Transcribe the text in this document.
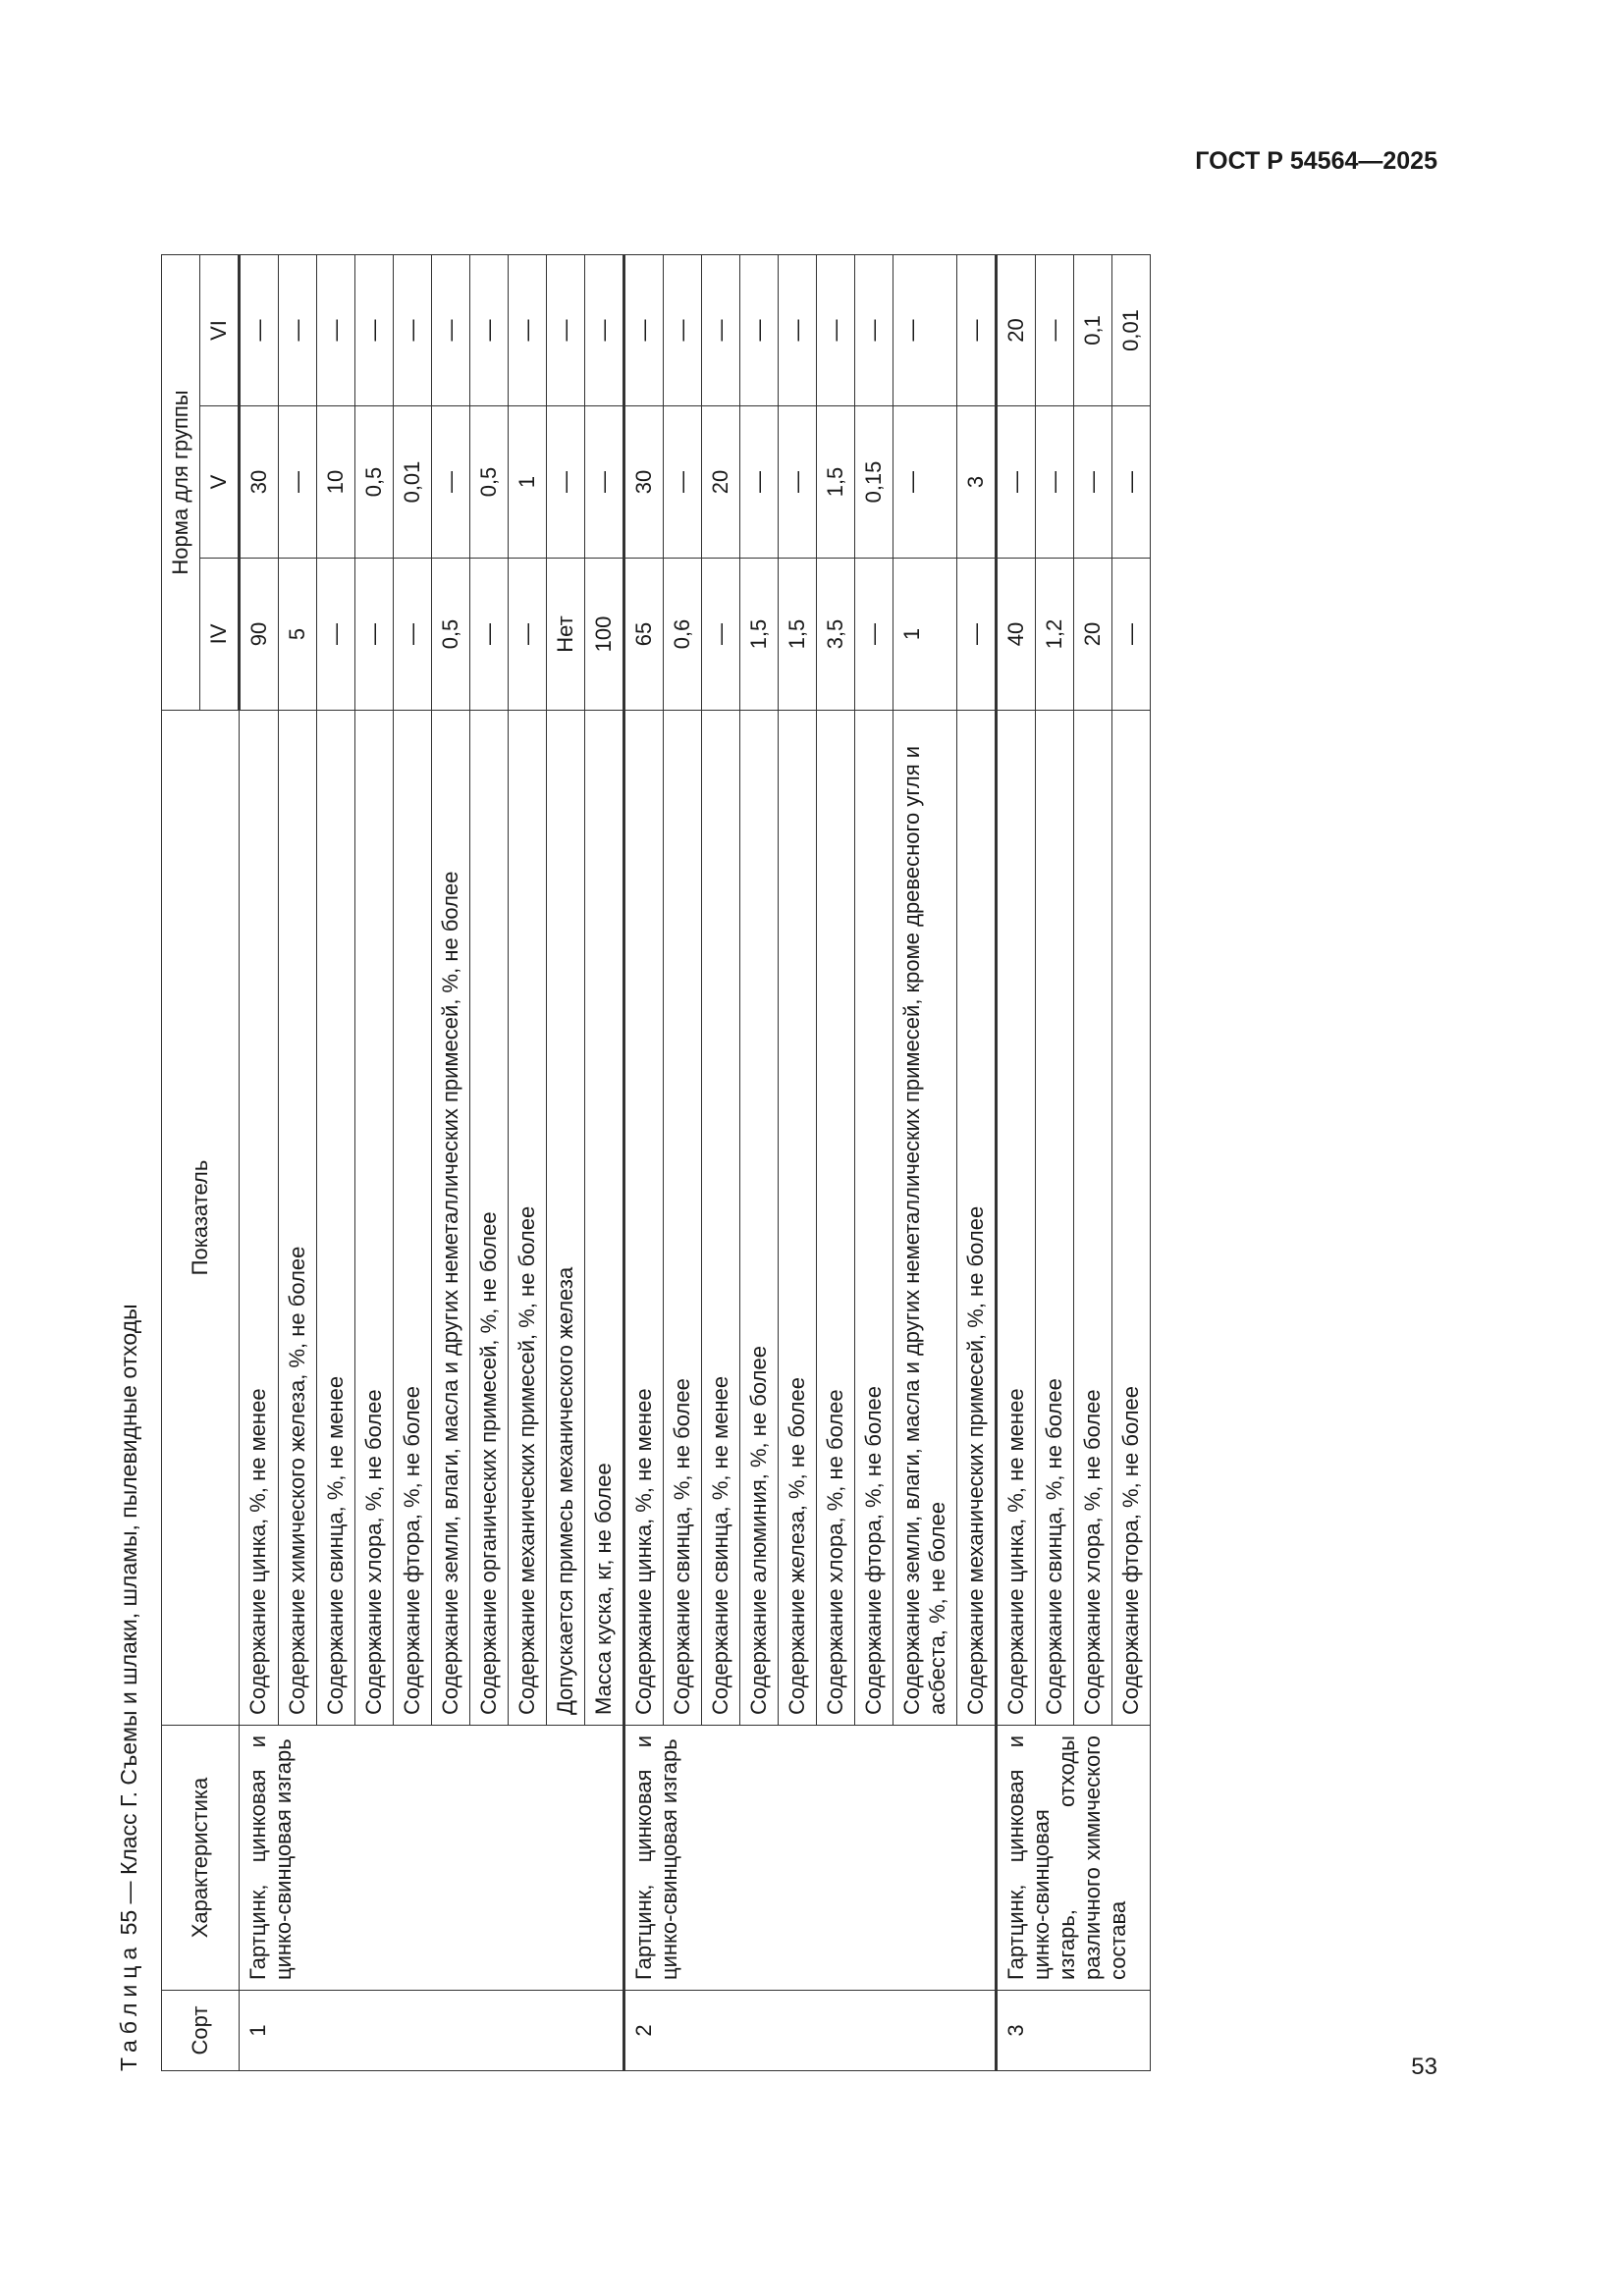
ГОСТ Р 54564—2025
Таблица 55 — Класс Г. Съемы и шлаки, шламы, пылевидные отходы
Сорт	Характеристика	Показатель	Норма для группы		
			IV	V	VI
1	Гартцинк, цинковая и цинко-свинцовая изгарь	Содержание цинка, %, не менее	90	30	—
		Содержание химического железа, %, не более	5	—	—
		Содержание свинца, %, не менее	—	10	—
		Содержание хлора, %, не более	—	0,5	—
		Содержание фтора, %, не более	—	0,01	—
		Содержание земли, влаги, масла и других неметаллических примесей, %, не более	0,5	—	—
		Содержание органических примесей, %, не более	—	0,5	—
		Содержание механических примесей, %, не более	—	1	—
		Допускается примесь механического железа	Нет	—	—
		Масса куска, кг, не более	100	—	—
2	Гартцинк, цинковая и цинко-свинцовая изгарь	Содержание цинка, %, не менее	65	30	—
		Содержание свинца, %, не более	0,6	—	—
		Содержание свинца, %, не менее	—	20	—
		Содержание алюминия, %, не более	1,5	—	—
		Содержание железа, %, не более	1,5	—	—
		Содержание хлора, %, не более	3,5	1,5	—
		Содержание фтора, %, не более	—	0,15	—
		Содержание земли, влаги, масла и других неметаллических примесей, кроме древесного угля и асбеста, %, не более	1	—	—
		Содержание механических примесей, %, не более	—	3	—
3	Гартцинк, цинковая и цинко-свинцовая изгарь, отходы различного химического состава	Содержание цинка, %, не менее	40	—	20
		Содержание свинца, %, не более	1,2	—	—
		Содержание хлора, %, не более	20	—	0,1
		Содержание фтора, %, не более	—	—	0,01
53
